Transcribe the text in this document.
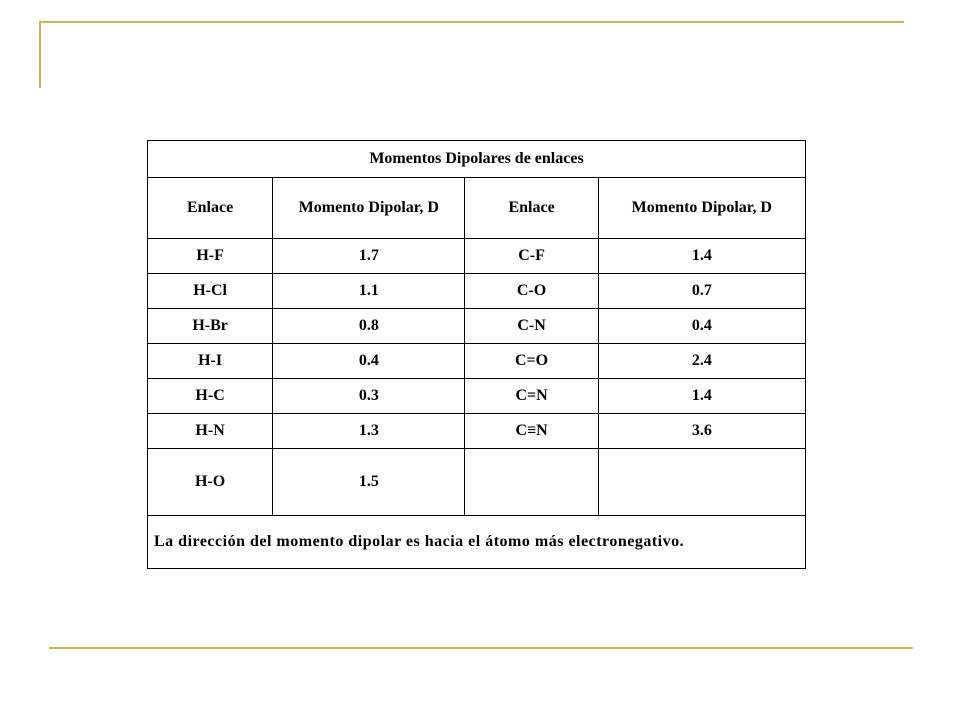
Momentos Dipolares de enlaces			
Enlace	Momento Dipolar, D	Enlace	Momento Dipolar, D
H-F	1.7	C-F	1.4
H-Cl	1.1	C-O	0.7
H-Br	0.8	C-N	0.4
H-I	0.4	C=O	2.4
H-C	0.3	C=N	1.4
H-N	1.3	C≡N	3.6
H-O	1.5		
La dirección del momento dipolar es hacia el átomo más electronegativo.			
